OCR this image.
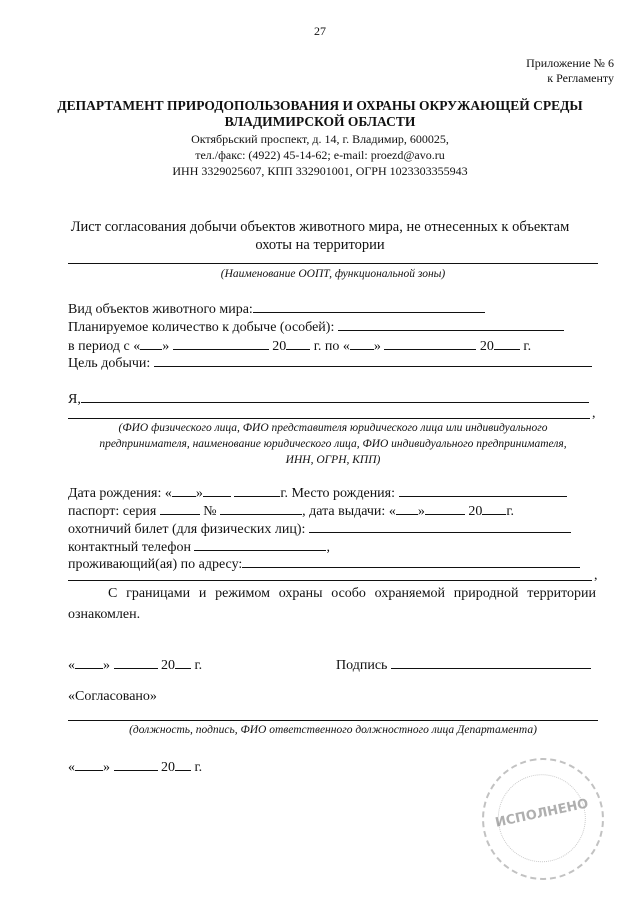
27
Приложение № 6
к Регламенту
ДЕПАРТАМЕНТ ПРИРОДОПОЛЬЗОВАНИЯ И ОХРАНЫ ОКРУЖАЮЩЕЙ СРЕДЫ
ВЛАДИМИРСКОЙ ОБЛАСТИ
Октябрьский проспект, д. 14, г. Владимир, 600025,
тел./факс: (4922) 45-14-62; e-mail: proezd@avo.ru
ИНН 3329025607, КПП 332901001, ОГРН 1023303355943
Лист согласования добычи объектов животного мира, не отнесенных к объектам
охоты на территории
(Наименование ООПТ, функциональной зоны)
Вид объектов животного мира:
Планируемое количество к добыче (особей):
в период с « »	20 г. по « »	20 г.
Цель добычи:
Я,
,
(ФИО физического лица, ФИО представителя юридического лица или индивидуального
предпринимателя, наименование юридического лица, ФИО индивидуального предпринимателя,
ИНН, ОГРН, КПП)
Дата рождения: « »	г. Место рождения:
паспорт: серия	№	, дата выдачи: « »	20 г.
охотничий билет (для физических лиц):
контактный телефон	,
проживающий(ая) по адресу:
,
С границами и режимом охраны особо охраняемой природной территории ознакомлен.
« »	20 г.	Подпись
«Согласовано»
(должность, подпись, ФИО ответственного должностного лица Департамента)
« »	20 г.
ИСПОЛНЕНО
